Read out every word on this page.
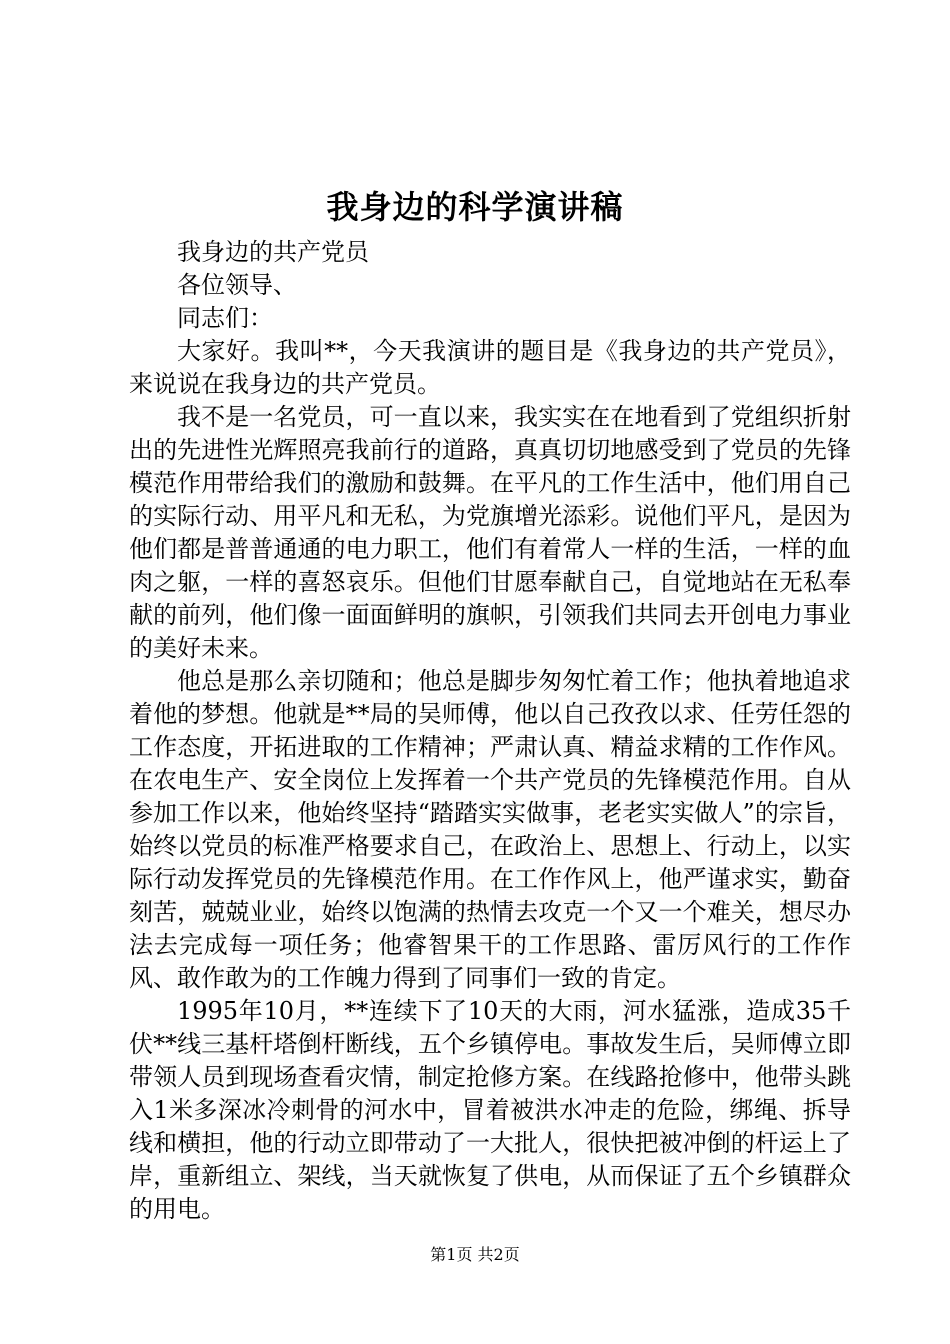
我身边的科学演讲稿

我身边的共产党员

各位领导、

同志们：

大家好。我叫**，今天我演讲的题目是《我身边的共产党员》，来说说在我身边的共产党员。

我不是一名党员，可一直以来，我实实在在地看到了党组织折射出的先进性光辉照亮我前行的道路，真真切切地感受到了党员的先锋模范作用带给我们的激励和鼓舞。在平凡的工作生活中，他们用自己的实际行动、用平凡和无私，为党旗增光添彩。说他们平凡，是因为他们都是普普通通的电力职工，他们有着常人一样的生活，一样的血肉之躯，一样的喜怒哀乐。但他们甘愿奉献自己，自觉地站在无私奉献的前列，他们像一面面鲜明的旗帜，引领我们共同去开创电力事业的美好未来。

他总是那么亲切随和；他总是脚步匆匆忙着工作；他执着地追求着他的梦想。他就是**局的吴师傅，他以自己孜孜以求、任劳任怨的工作态度，开拓进取的工作精神；严肃认真、精益求精的工作作风。在农电生产、安全岗位上发挥着一个共产党员的先锋模范作用。自从参加工作以来，他始终坚持“踏踏实实做事，老老实实做人”的宗旨，始终以党员的标准严格要求自己，在政治上、思想上、行动上，以实际行动发挥党员的先锋模范作用。在工作作风上，他严谨求实，勤奋刻苦，兢兢业业，始终以饱满的热情去攻克一个又一个难关，想尽办法去完成每一项任务；他睿智果干的工作思路、雷厉风行的工作作风、敢作敢为的工作魄力得到了同事们一致的肯定。

1995年10月，**连续下了10天的大雨，河水猛涨，造成35千伏**线三基杆塔倒杆断线，五个乡镇停电。事故发生后，吴师傅立即带领人员到现场查看灾情，制定抢修方案。在线路抢修中，他带头跳入1米多深冰冷刺骨的河水中，冒着被洪水冲走的危险，绑绳、拆导线和横担，他的行动立即带动了一大批人，很快把被冲倒的杆运上了岸，重新组立、架线，当天就恢复了供电，从而保证了五个乡镇群众的用电。

第1页 共2页
